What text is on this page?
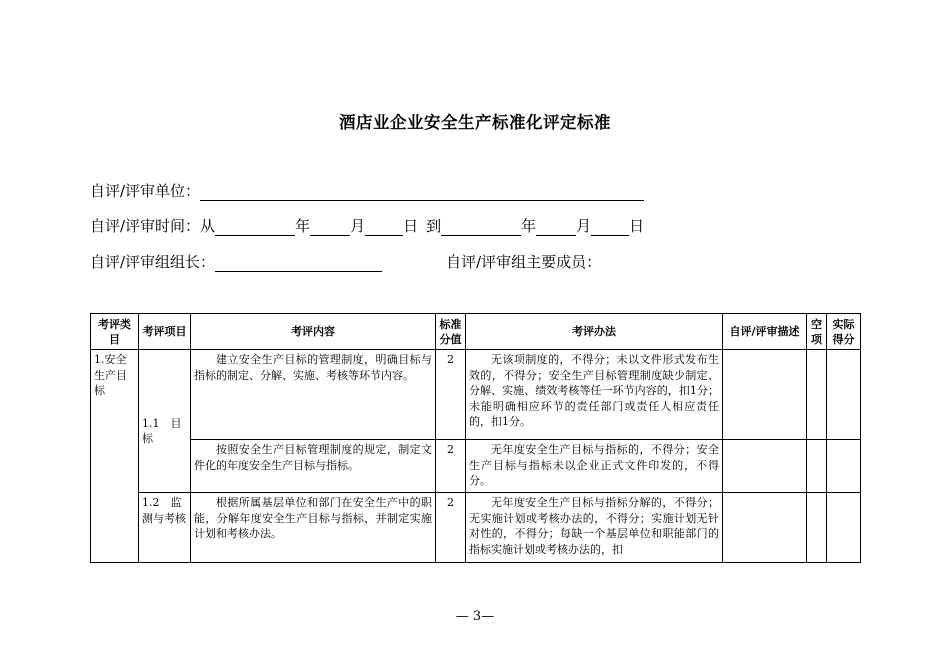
酒店业企业安全生产标准化评定标准
自评/评审单位：
自评/评审时间：从	年	月	日 到	年	月	日
自评/评审组组长：	自评/评审组主要成员：
考评类目	考评项目	考评内容	标准分值	考评办法	自评/评审描述	空项	实际得分
1.安全生产目标	1.1　目标	建立安全生产目标的管理制度，明确目标与指标的制定、分解、实施、考核等环节内容。	2	无该项制度的，不得分；未以文件形式发布生效的，不得分；安全生产目标管理制度缺少制定、分解、实施、绩效考核等任一环节内容的，扣1分；未能明确相应环节的责任部门或责任人相应责任的，扣1分。			
		按照安全生产目标管理制度的规定，制定文件化的年度安全生产目标与指标。	2	无年度安全生产目标与指标的，不得分；安全生产目标与指标未以企业正式文件印发的，不得分。			
	1.2　监测与考核	根据所属基层单位和部门在安全生产中的职能，分解年度安全生产目标与指标，并制定实施计划和考核办法。	2	无年度安全生产目标与指标分解的，不得分；无实施计划或考核办法的，不得分；实施计划无针对性的，不得分；每缺一个基层单位和职能部门的指标实施计划或考核办法的，扣			
— 3—
